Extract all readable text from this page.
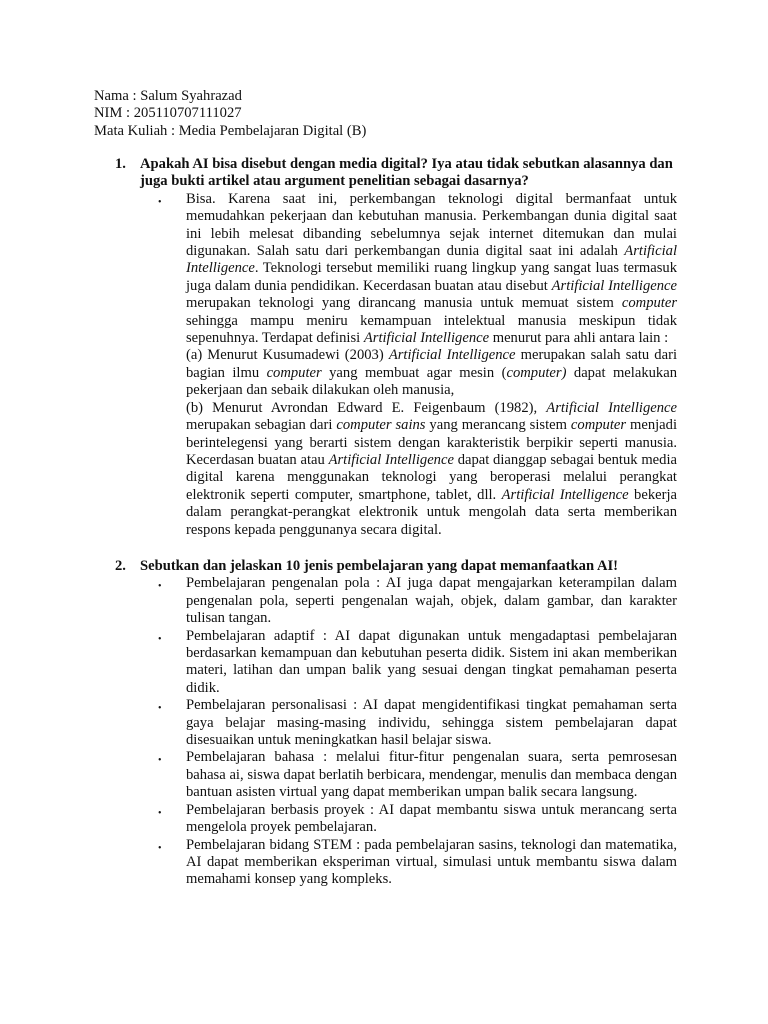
Nama : Salum Syahrazad
NIM : 205110707111027
Mata Kuliah : Media Pembelajaran Digital (B)
1. Apakah AI bisa disebut dengan media digital? Iya atau tidak sebutkan alasannya dan juga bukti artikel atau argument penelitian sebagai dasarnya?
• Bisa. Karena saat ini, perkembangan teknologi digital bermanfaat untuk memudahkan pekerjaan dan kebutuhan manusia. Perkembangan dunia digital saat ini lebih melesat dibanding sebelumnya sejak internet ditemukan dan mulai digunakan. Salah satu dari perkembangan dunia digital saat ini adalah Artificial Intelligence. Teknologi tersebut memiliki ruang lingkup yang sangat luas termasuk juga dalam dunia pendidikan. Kecerdasan buatan atau disebut Artificial Intelligence merupakan teknologi yang dirancang manusia untuk memuat sistem computer sehingga mampu meniru kemampuan intelektual manusia meskipun tidak sepenuhnya. Terdapat definisi Artificial Intelligence menurut para ahli antara lain :
(a) Menurut Kusumadewi (2003) Artificial Intelligence merupakan salah satu dari bagian ilmu computer yang membuat agar mesin (computer) dapat melakukan pekerjaan dan sebaik dilakukan oleh manusia,
(b) Menurut Avrondan Edward E. Feigenbaum (1982), Artificial Intelligence merupakan sebagian dari computer sains yang merancang sistem computer menjadi berintelegensi yang berarti sistem dengan karakteristik berpikir seperti manusia. Kecerdasan buatan atau Artificial Intelligence dapat dianggap sebagai bentuk media digital karena menggunakan teknologi yang beroperasi melalui perangkat elektronik seperti computer, smartphone, tablet, dll. Artificial Intelligence bekerja dalam perangkat-perangkat elektronik untuk mengolah data serta memberikan respons kepada penggunanya secara digital.
2. Sebutkan dan jelaskan 10 jenis pembelajaran yang dapat memanfaatkan AI!
• Pembelajaran pengenalan pola : AI juga dapat mengajarkan keterampilan dalam pengenalan pola, seperti pengenalan wajah, objek, dalam gambar, dan karakter tulisan tangan.
• Pembelajaran adaptif : AI dapat digunakan untuk mengadaptasi pembelajaran berdasarkan kemampuan dan kebutuhan peserta didik. Sistem ini akan memberikan materi, latihan dan umpan balik yang sesuai dengan tingkat pemahaman peserta didik.
• Pembelajaran personalisasi : AI dapat mengidentifikasi tingkat pemahaman serta gaya belajar masing-masing individu, sehingga sistem pembelajaran dapat disesuaikan untuk meningkatkan hasil belajar siswa.
• Pembelajaran bahasa : melalui fitur-fitur pengenalan suara, serta pemrosesan bahasa ai, siswa dapat berlatih berbicara, mendengar, menulis dan membaca dengan bantuan asisten virtual yang dapat memberikan umpan balik secara langsung.
• Pembelajaran berbasis proyek : AI dapat membantu siswa untuk merancang serta mengelola proyek pembelajaran.
• Pembelajaran bidang STEM : pada pembelajaran sasins, teknologi dan matematika, AI dapat memberikan eksperiman virtual, simulasi untuk membantu siswa dalam memahami konsep yang kompleks.
